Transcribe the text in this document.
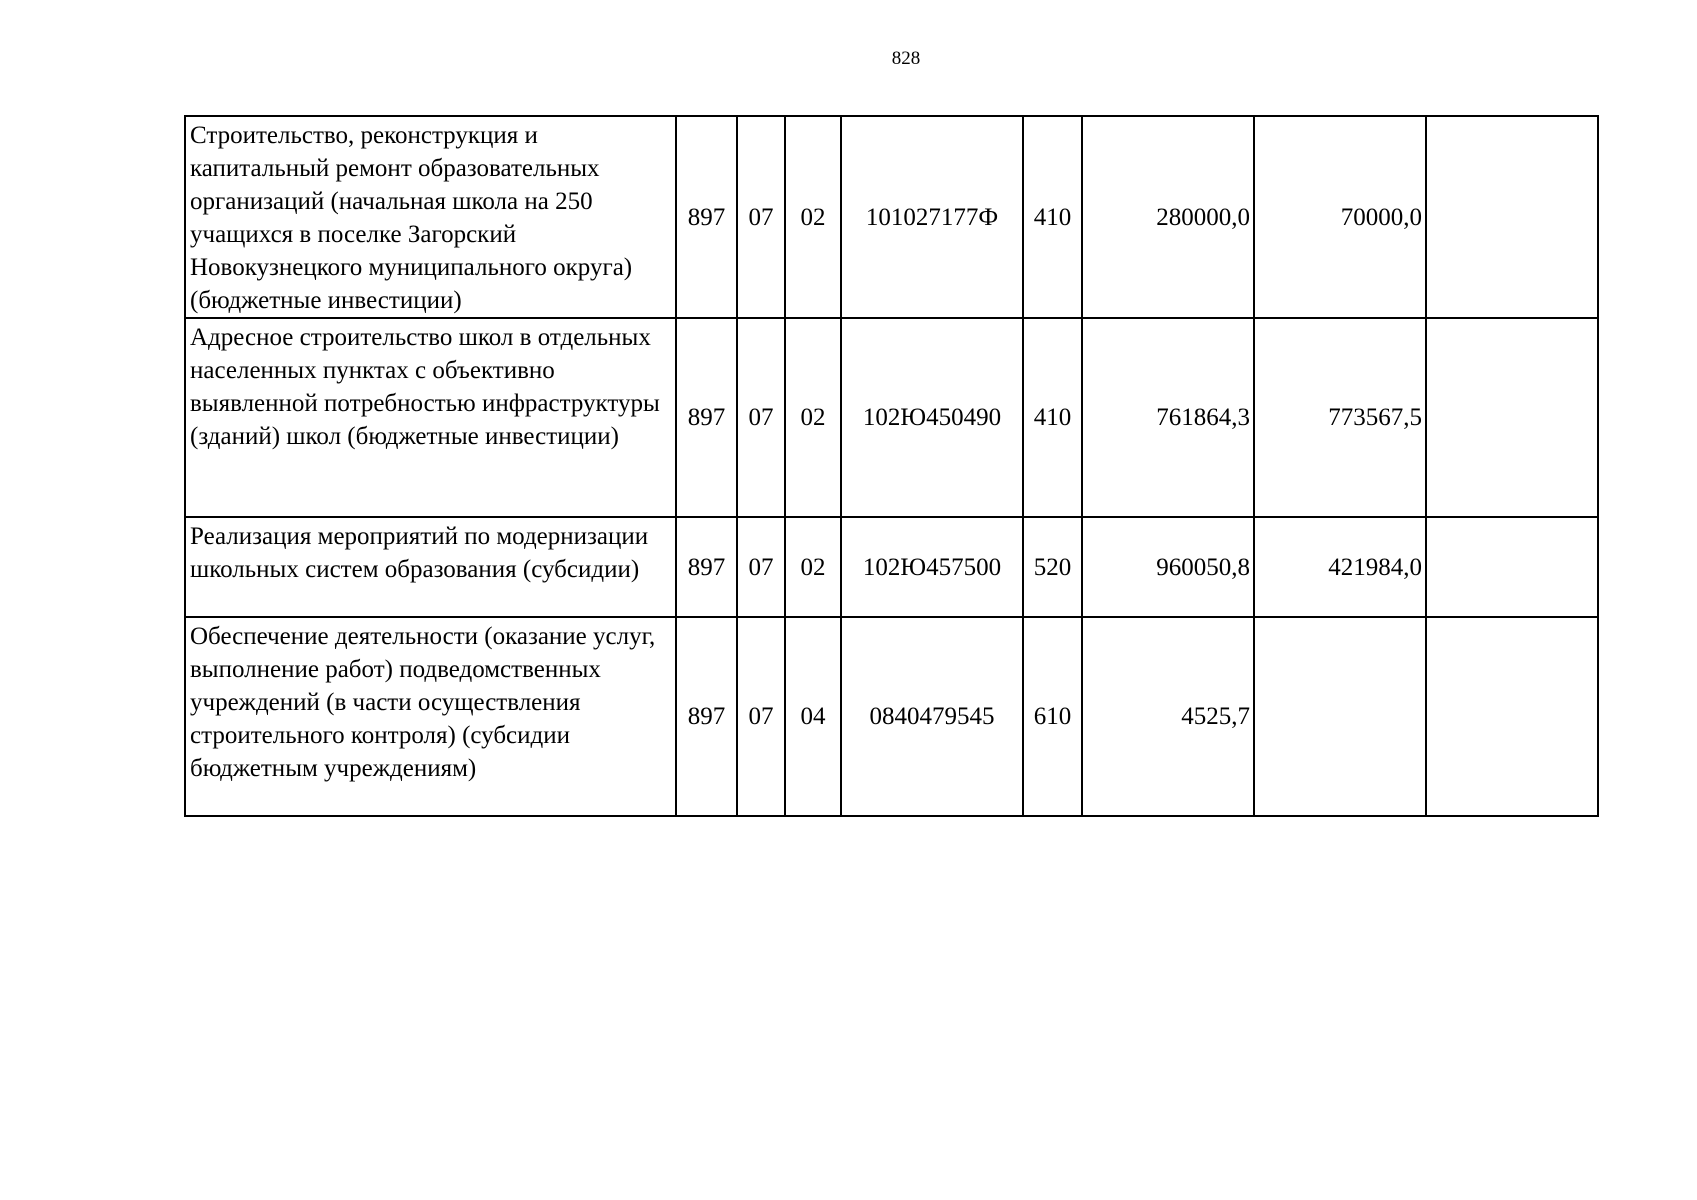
828
Строительство, реконструкция и капитальный ремонт образовательных организаций (начальная школа на 250 учащихся в поселке Загорский Новокузнецкого муниципального округа) (бюджетные инвестиции)	897	07	02	101027177Ф	410	280000,0	70000,0	
Адресное строительство школ в отдельных населенных пунктах с объективно выявленной потребностью инфраструктуры (зданий) школ (бюджетные инвестиции)	897	07	02	102Ю450490	410	761864,3	773567,5	
Реализация мероприятий по модернизации школьных систем образования (субсидии)	897	07	02	102Ю457500	520	960050,8	421984,0	
Обеспечение деятельности (оказание услуг, выполнение работ) подведомственных учреждений (в части осуществления строительного контроля) (субсидии бюджетным учреждениям)	897	07	04	0840479545	610	4525,7		
